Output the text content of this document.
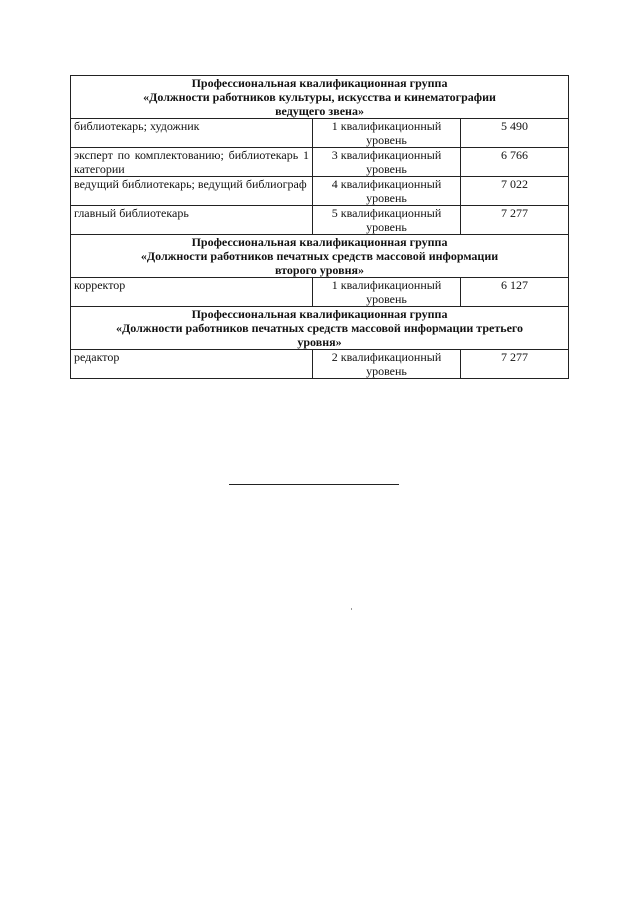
Профессиональная квалификационная группа
«Должности работников культуры, искусства и кинематографии
ведущего звена»		

библиотекарь; художник	1 квалификационный уровень	5 490
эксперт по комплектованию; библиотекарь 1 категории	3 квалификационный уровень	6 766
ведущий библиотекарь; ведущий библиограф	4 квалификационный уровень	7 022
главный библиотекарь	5 квалификационный уровень	7 277

Профессиональная квалификационная группа
«Должности работников печатных средств массовой информации
второго уровня»		

корректор	1 квалификационный уровень	6 127

Профессиональная квалификационная группа
«Должности работников печатных средств массовой информации третьего
уровня»		

редактор	2 квалификационный уровень	7 277
